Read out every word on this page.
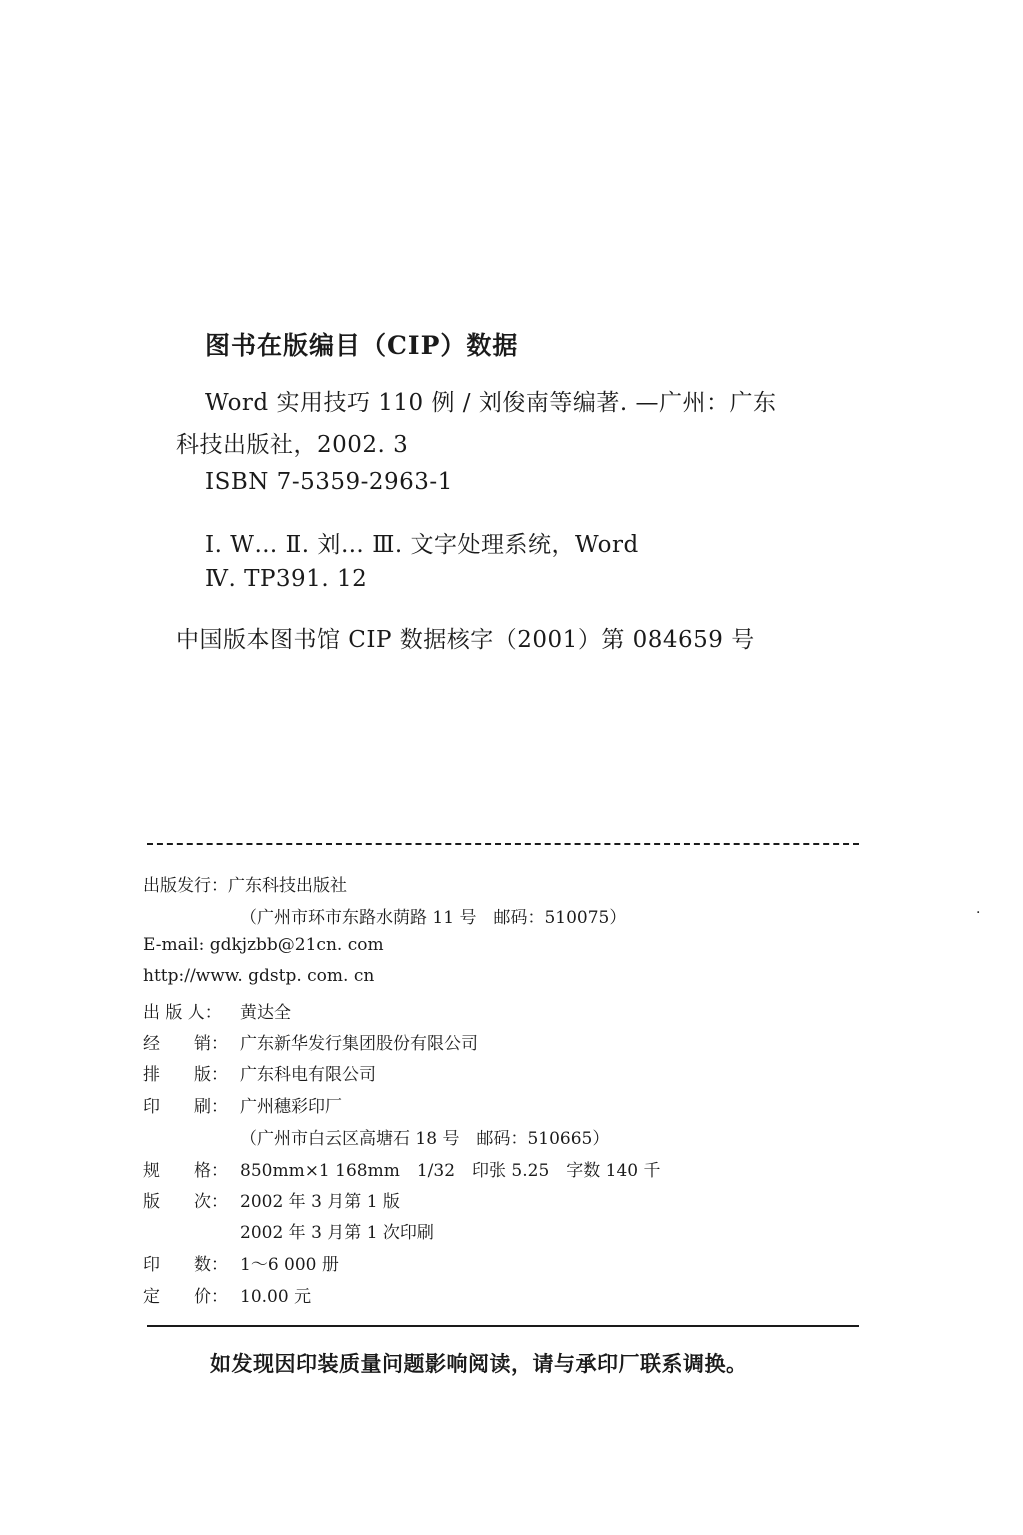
图书在版编目（CIP）数据
Word 实用技巧 110 例 / 刘俊南等编著. —广州：广东
科技出版社，2002. 3
ISBN 7-5359-2963-1
Ⅰ. W… Ⅱ. 刘… Ⅲ. 文字处理系统，Word
Ⅳ. TP391. 12
中国版本图书馆 CIP 数据核字（2001）第 084659 号
出版发行：广东科技出版社
（广州市环市东路水荫路 11 号　邮码：510075）
E-mail: gdkjzbb@21cn. com
http://www. gdstp. com. cn
出 版 人： 黄达全
经　　销： 广东新华发行集团股份有限公司
排　　版： 广东科电有限公司
印　　刷： 广州穗彩印厂
（广州市白云区高塘石 18 号　邮码：510665）
规　　格： 850mm×1 168mm　1/32　印张 5.25　字数 140 千
版　　次： 2002 年 3 月第 1 版
2002 年 3 月第 1 次印刷
印　　数： 1～6 000 册
定　　价： 10.00 元
如发现因印装质量问题影响阅读，请与承印厂联系调换。
·
